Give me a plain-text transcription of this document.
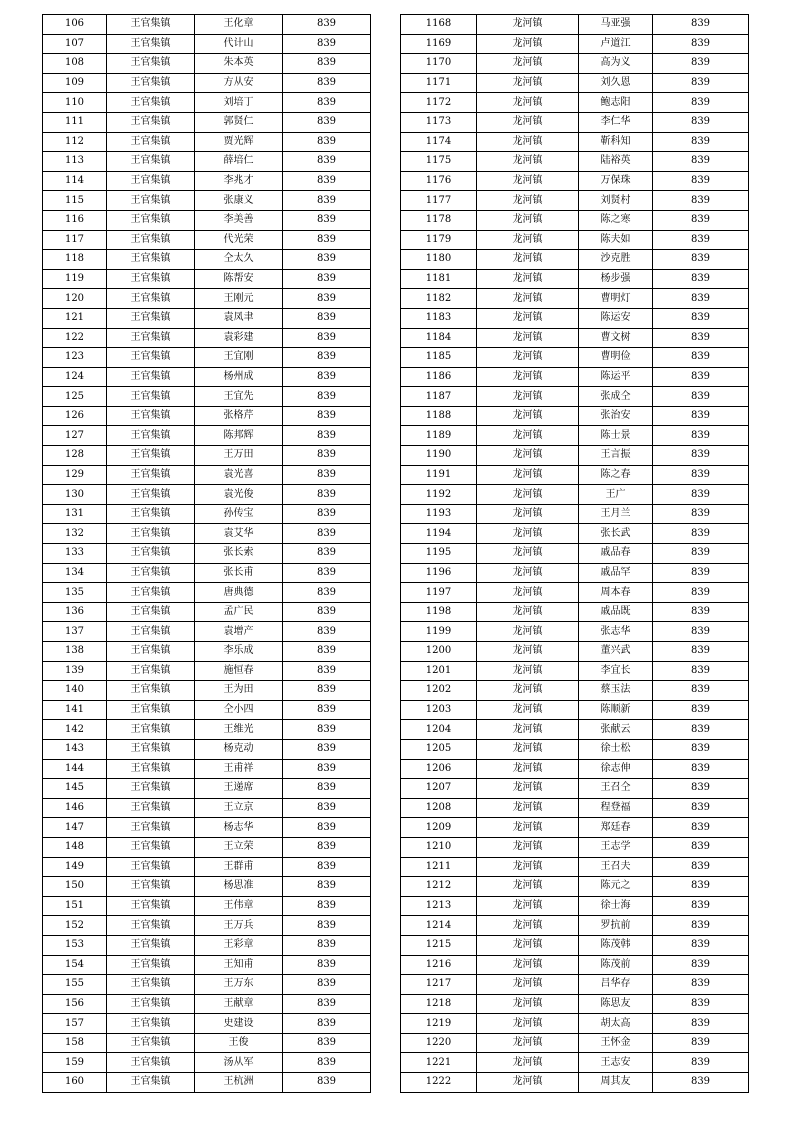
106	王官集镇	王化章	839
107	王官集镇	代计山	839
108	王官集镇	朱本英	839
109	王官集镇	方从安	839
110	王官集镇	刘培丁	839
111	王官集镇	郭贤仁	839
112	王官集镇	贾光辉	839
113	王官集镇	薛培仁	839
114	王官集镇	李兆才	839
115	王官集镇	张康义	839
116	王官集镇	李美善	839
117	王官集镇	代光荣	839
118	王官集镇	仝太久	839
119	王官集镇	陈帮安	839
120	王官集镇	王刚元	839
121	王官集镇	袁凤聿	839
122	王官集镇	袁彩建	839
123	王官集镇	王宜刚	839
124	王官集镇	杨州成	839
125	王官集镇	王宜先	839
126	王官集镇	张格芹	839
127	王官集镇	陈邦辉	839
128	王官集镇	王万田	839
129	王官集镇	袁光喜	839
130	王官集镇	袁光俊	839
131	王官集镇	孙传宝	839
132	王官集镇	袁艾华	839
133	王官集镇	张长索	839
134	王官集镇	张长甫	839
135	王官集镇	唐典德	839
136	王官集镇	孟广民	839
137	王官集镇	袁增产	839
138	王官集镇	李乐成	839
139	王官集镇	施恒春	839
140	王官集镇	王为田	839
141	王官集镇	仝小四	839
142	王官集镇	王维光	839
143	王官集镇	杨克动	839
144	王官集镇	王甫祥	839
145	王官集镇	王递席	839
146	王官集镇	王立京	839
147	王官集镇	杨志华	839
148	王官集镇	王立荣	839
149	王官集镇	王群甫	839
150	王官集镇	杨思准	839
151	王官集镇	王伟章	839
152	王官集镇	王万兵	839
153	王官集镇	王彩章	839
154	王官集镇	王知甫	839
155	王官集镇	王万东	839
156	王官集镇	王献章	839
157	王官集镇	史建设	839
158	王官集镇	王俊	839
159	王官集镇	汤从军	839
160	王官集镇	王杭洲	839
1168	龙河镇	马亚强	839
1169	龙河镇	卢道江	839
1170	龙河镇	高为义	839
1171	龙河镇	刘久恩	839
1172	龙河镇	鲍志阳	839
1173	龙河镇	李仁华	839
1174	龙河镇	靳科知	839
1175	龙河镇	陆裕英	839
1176	龙河镇	万保珠	839
1177	龙河镇	刘贤村	839
1178	龙河镇	陈之寒	839
1179	龙河镇	陈夫如	839
1180	龙河镇	沙克胜	839
1181	龙河镇	杨步强	839
1182	龙河镇	曹明灯	839
1183	龙河镇	陈运安	839
1184	龙河镇	曹文树	839
1185	龙河镇	曹明俭	839
1186	龙河镇	陈运平	839
1187	龙河镇	张成仝	839
1188	龙河镇	张治安	839
1189	龙河镇	陈士景	839
1190	龙河镇	王言振	839
1191	龙河镇	陈之春	839
1192	龙河镇	王广	839
1193	龙河镇	王月兰	839
1194	龙河镇	张长武	839
1195	龙河镇	戚品春	839
1196	龙河镇	戚品罕	839
1197	龙河镇	周本春	839
1198	龙河镇	戚品既	839
1199	龙河镇	张志华	839
1200	龙河镇	董兴武	839
1201	龙河镇	李宜长	839
1202	龙河镇	蔡玉法	839
1203	龙河镇	陈顺新	839
1204	龙河镇	张献云	839
1205	龙河镇	徐士松	839
1206	龙河镇	徐志伸	839
1207	龙河镇	王召仝	839
1208	龙河镇	程登福	839
1209	龙河镇	郑廷春	839
1210	龙河镇	王志学	839
1211	龙河镇	王召夫	839
1212	龙河镇	陈元之	839
1213	龙河镇	徐士海	839
1214	龙河镇	罗抗前	839
1215	龙河镇	陈茂韩	839
1216	龙河镇	陈茂前	839
1217	龙河镇	吕华存	839
1218	龙河镇	陈思友	839
1219	龙河镇	胡太高	839
1220	龙河镇	王怀金	839
1221	龙河镇	王志安	839
1222	龙河镇	周其友	839
